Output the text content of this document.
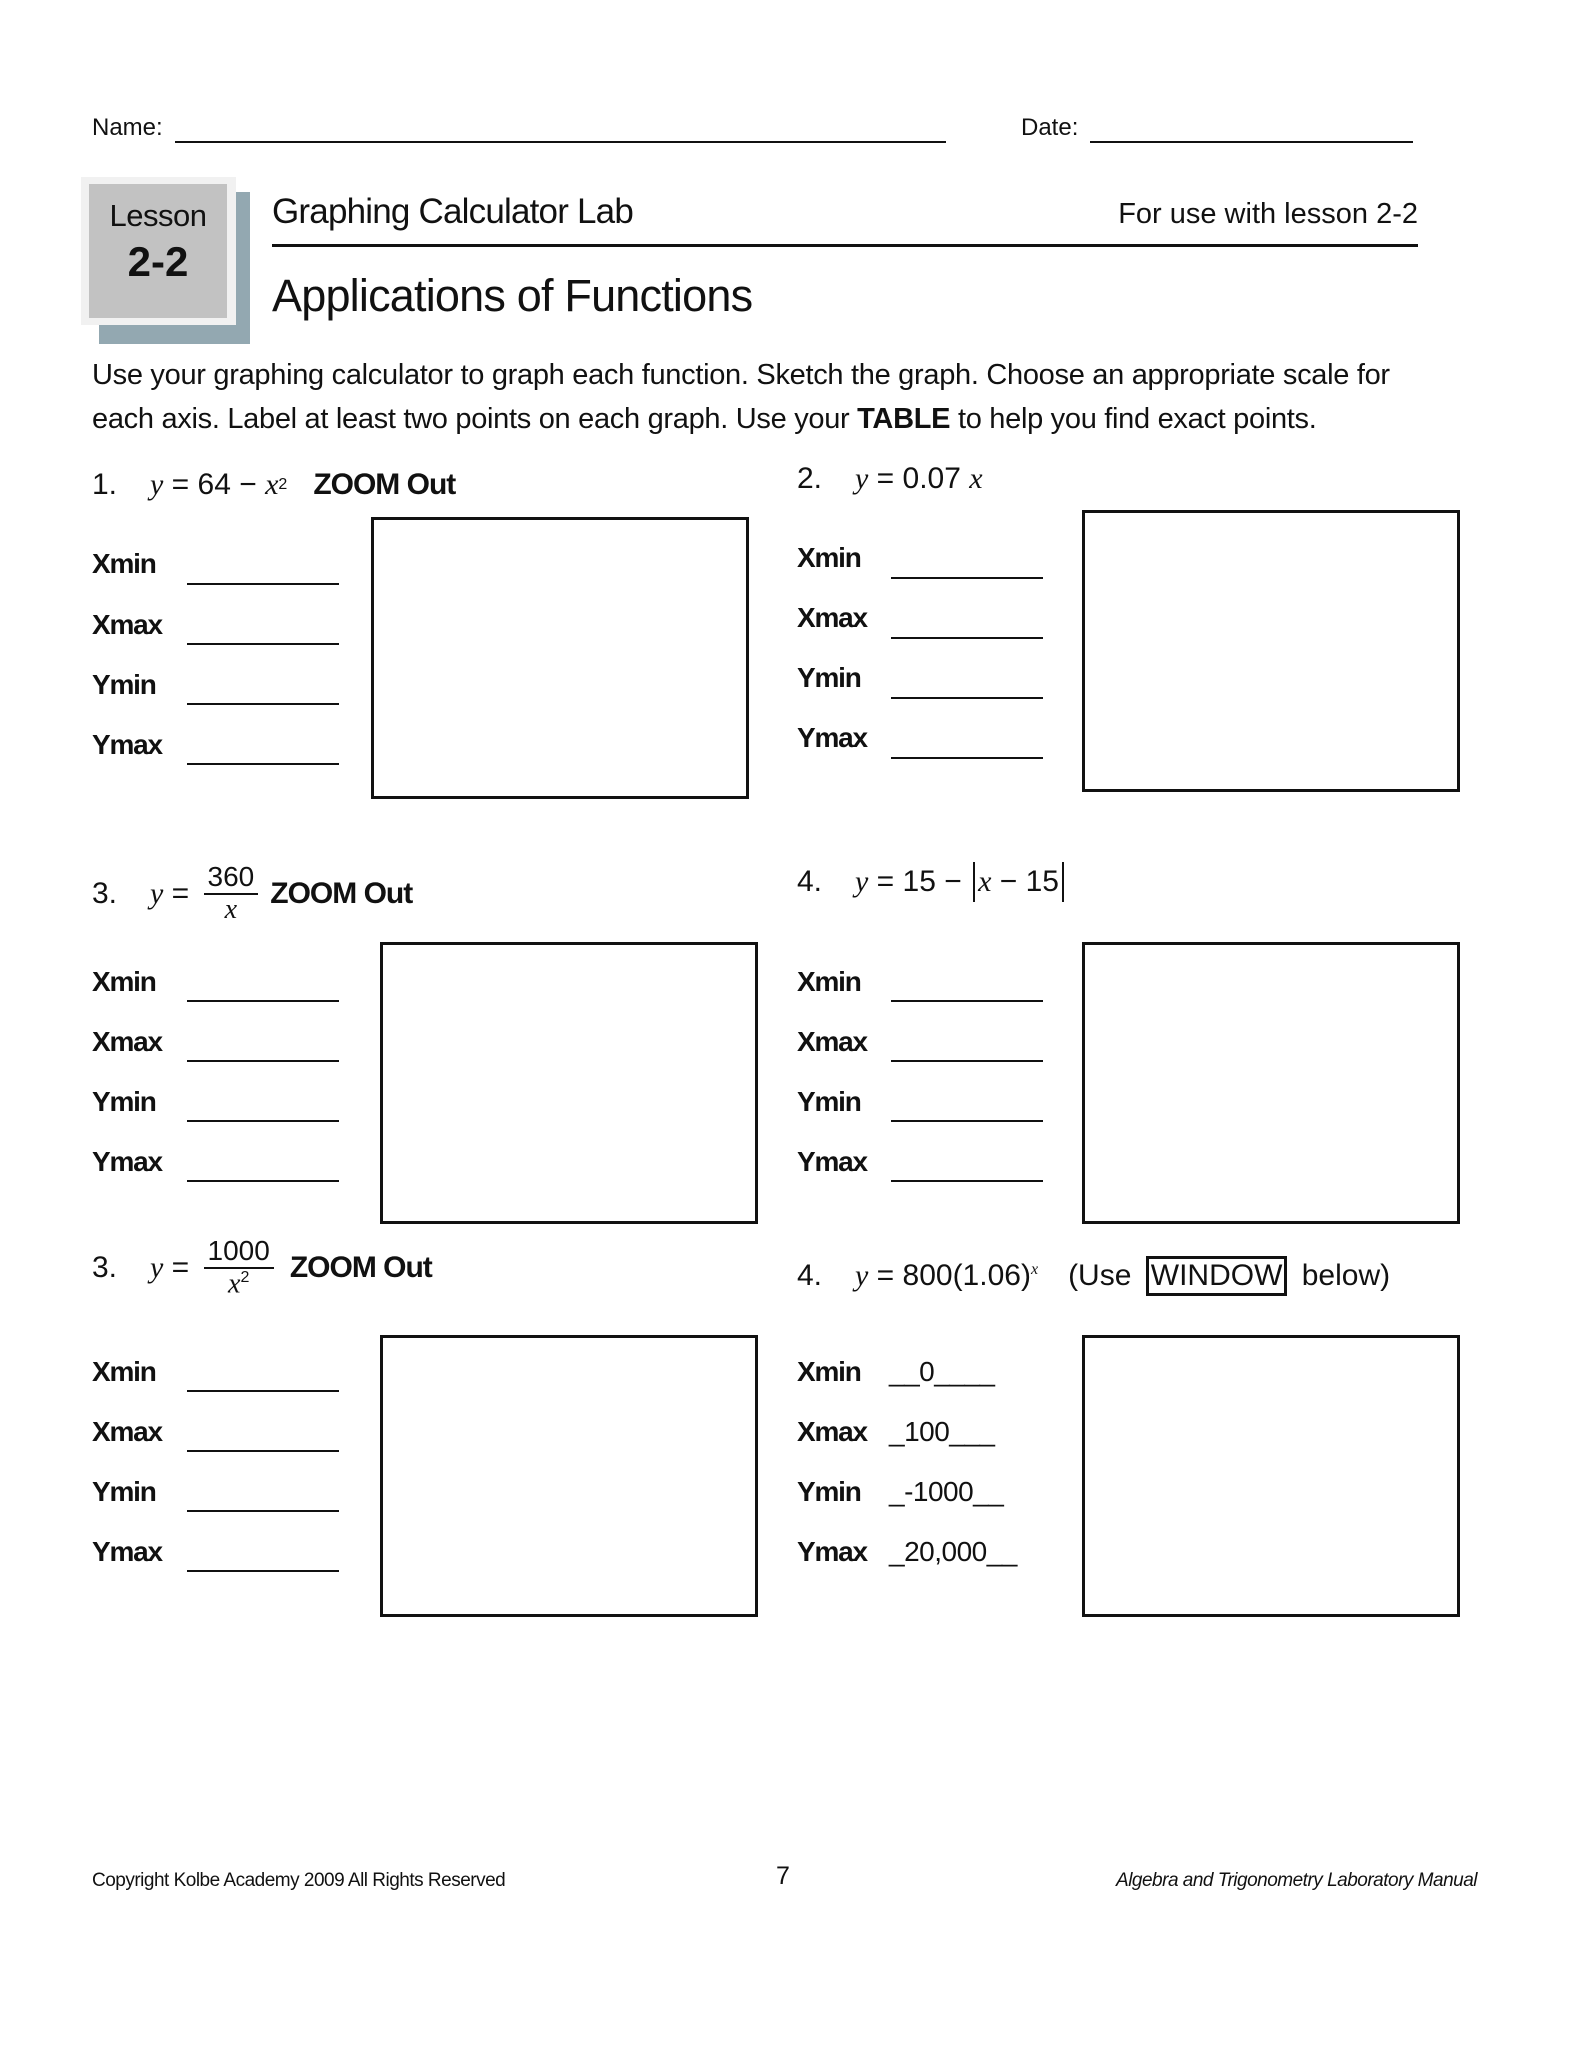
Name:	Date:
Lesson
2-2
Graphing Calculator Lab	For use with lesson 2-2
Applications of Functions
Use your graphing calculator to graph each function. Sketch the graph. Choose an appropriate scale for
each axis. Label at least two points on each graph. Use your TABLE to help you find exact points.
1.	y = 64 − x 2 ZOOM Out
Xmin
Xmax
Ymin
Ymax
2.	y = 0.07
x
Xmin
Xmax
Ymin
Ymax
3.	$y = \frac{360}{x}$ ZOOM Out
Xmin
Xmax
Ymin
Ymax
4.	y = 15 − x − 15
Xmin
Xmax
Ymin
Ymax
3.	$y = \frac{1000}{x^2}$ ZOOM Out
Xmin
Xmax
Ymin
Ymax
4.	$y = 800(1.06)^x$ (Use WINDOW below)
Xmin	__0____
Xmax _100___
Ymin	_-1000__
Ymax _20,000__
Copyright Kolbe Academy 2009 All Rights Reserved	7	Algebra and Trigonometry Laboratory Manual
